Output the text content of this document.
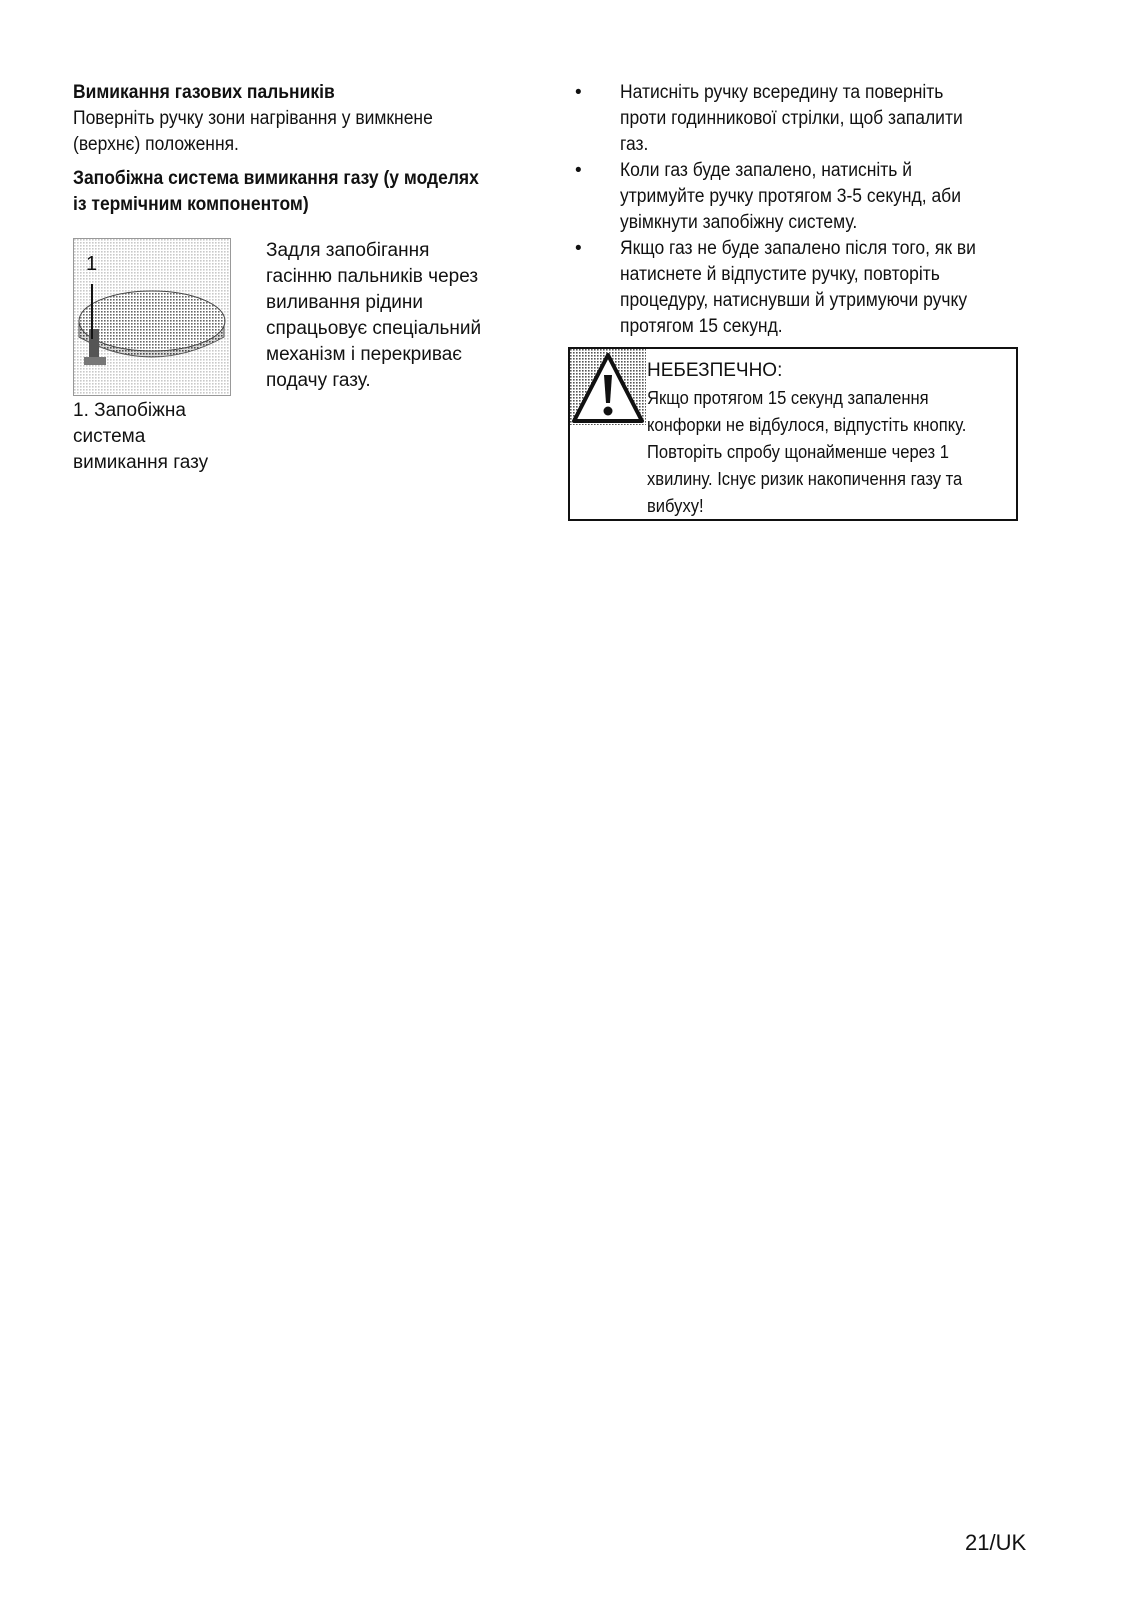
Вимикання газових пальників

Поверніть ручку зони нагрівання у вимкнене
(верхнє) положення.

Запобіжна система вимикання газу (у моделях
із термічним компонентом)
1
1. Запобіжна
система
вимикання газу
Задля запобігання
гасінню пальників через
виливання рідини
спрацьовує спеціальний
механізм і перекриває
подачу газу.
• Натисніть ручку всередину та поверніть
проти годинникової стрілки, щоб запалити
газ.
• Коли газ буде запалено, натисніть й
утримуйте ручку протягом 3-5 секунд, аби
увімкнути запобіжну систему.
• Якщо газ не буде запалено після того, як ви
натиснете й відпустите ручку, повторіть
процедуру, натиснувши й утримуючи ручку
протягом 15 секунд.
НЕБЕЗПЕЧНО:
Якщо протягом 15 секунд запалення
конфорки не відбулося, відпустіть кнопку.
Повторіть спробу щонайменше через 1
хвилину. Існує ризик накопичення газу та
вибуху!
21/UK
